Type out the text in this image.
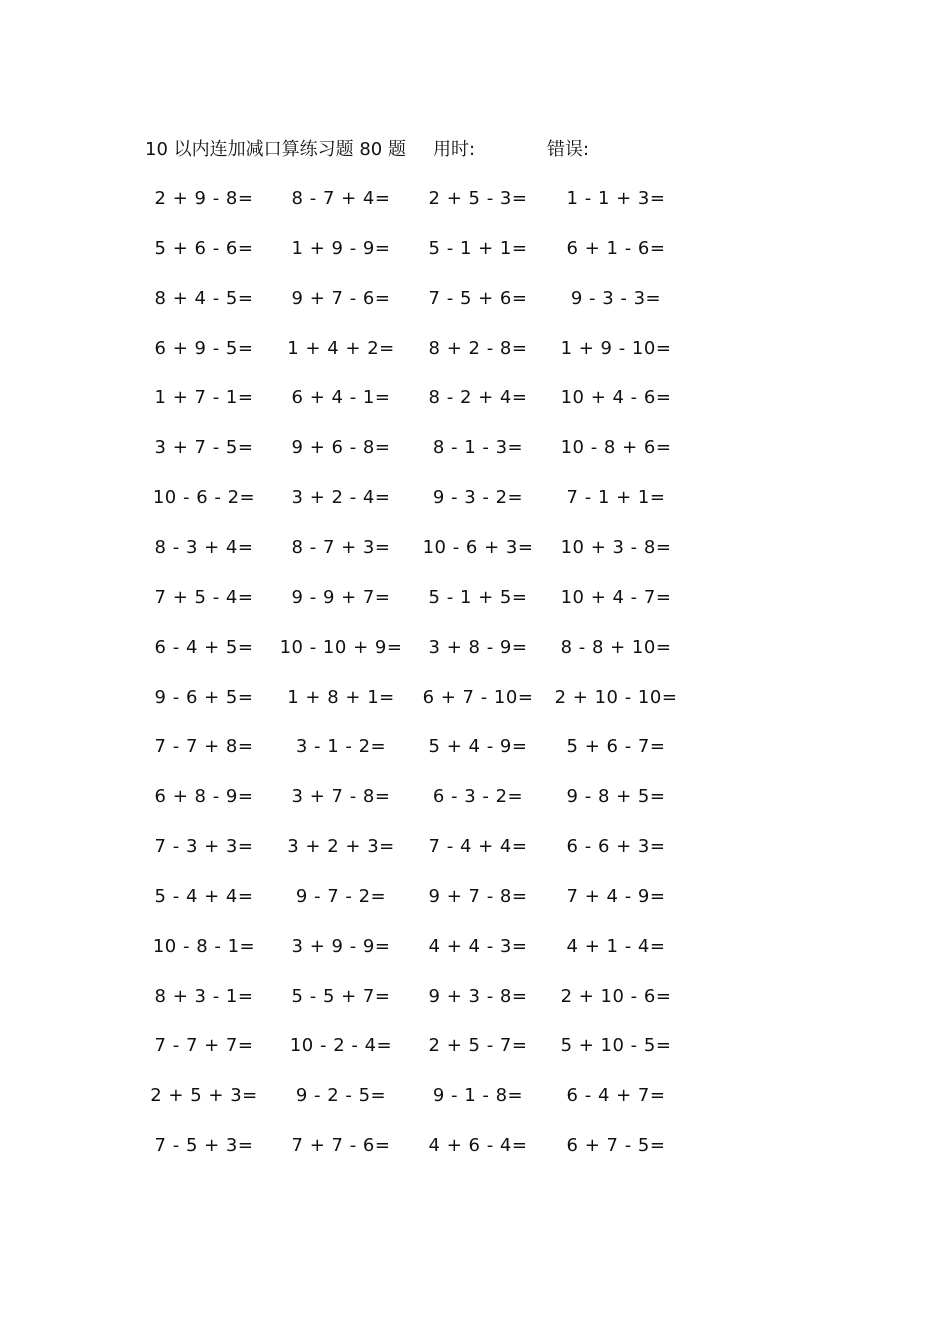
10 以内连加减口算练习题 80 题 用时:	错误:
2 + 9 - 8= 8 - 7 + 4= 2 + 5 - 3= 1 - 1 + 3=
5 + 6 - 6= 1 + 9 - 9= 5 - 1 + 1= 6 + 1 - 6=
8 + 4 - 5= 9 + 7 - 6= 7 - 5 + 6= 9 - 3 - 3=
6 + 9 - 5= 1 + 4 + 2= 8 + 2 - 8= 1 + 9 - 10=
1 + 7 - 1= 6 + 4 - 1= 8 - 2 + 4= 10 + 4 - 6=
3 + 7 - 5= 9 + 6 - 8= 8 - 1 - 3= 10 - 8 + 6=
10 - 6 - 2= 3 + 2 - 4= 9 - 3 - 2= 7 - 1 + 1=
8 - 3 + 4= 8 - 7 + 3= 10 - 6 + 3= 10 + 3 - 8=
7 + 5 - 4= 9 - 9 + 7= 5 - 1 + 5= 10 + 4 - 7=
6 - 4 + 5= 10 - 10 + 9= 3 + 8 - 9= 8 - 8 + 10=
9 - 6 + 5= 1 + 8 + 1= 6 + 7 - 10= 2 + 10 - 10=
7 - 7 + 8= 3 - 1 - 2= 5 + 4 - 9= 5 + 6 - 7=
6 + 8 - 9= 3 + 7 - 8= 6 - 3 - 2= 9 - 8 + 5=
7 - 3 + 3= 3 + 2 + 3= 7 - 4 + 4= 6 - 6 + 3=
5 - 4 + 4= 9 - 7 - 2= 9 + 7 - 8= 7 + 4 - 9=
10 - 8 - 1= 3 + 9 - 9= 4 + 4 - 3= 4 + 1 - 4=
8 + 3 - 1= 5 - 5 + 7= 9 + 3 - 8= 2 + 10 - 6=
7 - 7 + 7= 10 - 2 - 4= 2 + 5 - 7= 5 + 10 - 5=
2 + 5 + 3= 9 - 2 - 5=	9 - 1 - 8= 6 - 4 + 7=
7 - 5 + 3= 7 + 7 - 6= 4 + 6 - 4= 6 + 7 - 5=
